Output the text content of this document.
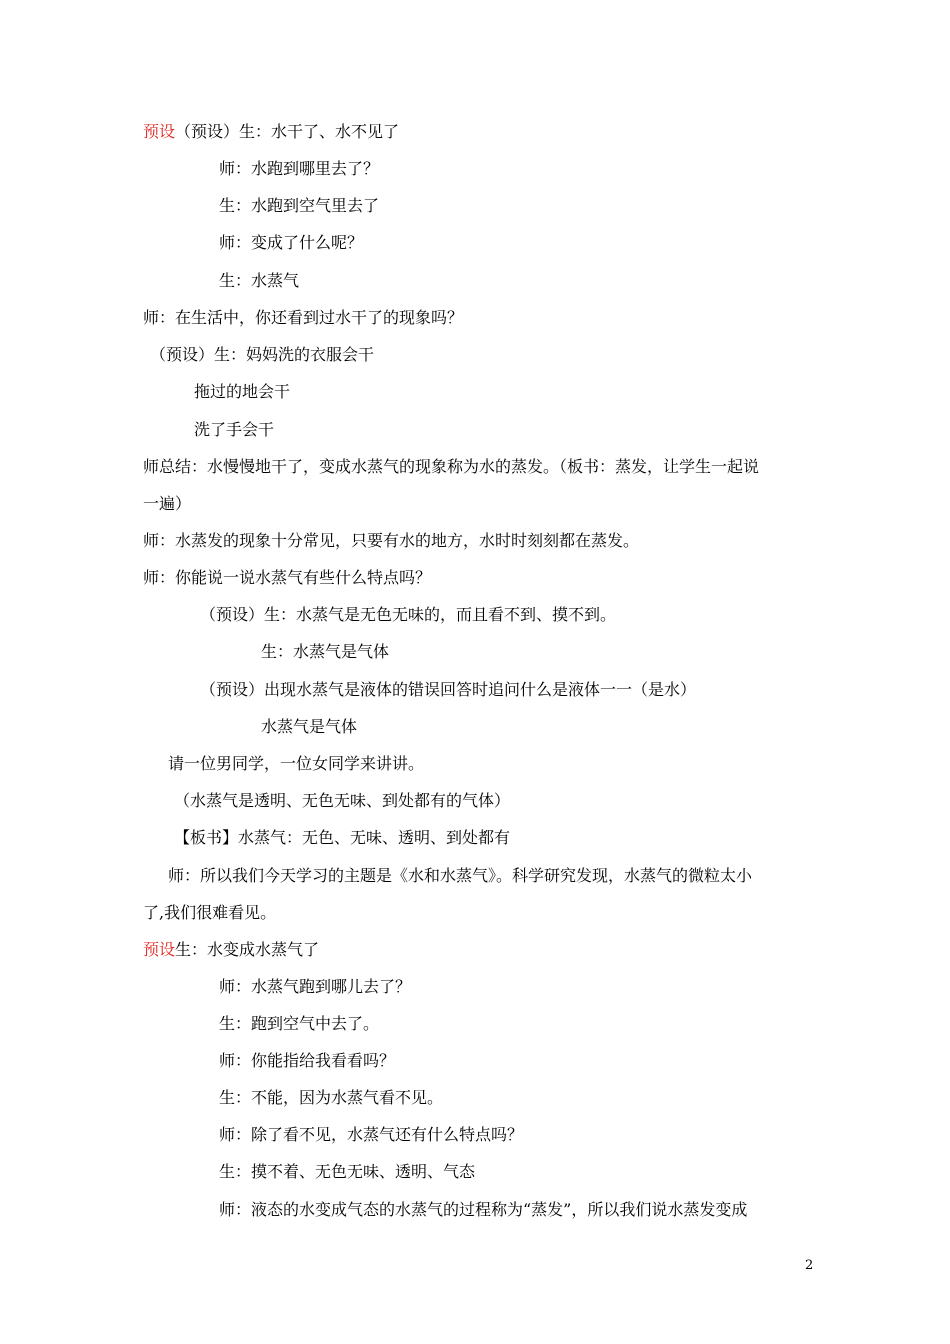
预设（预设）生：水干了、水不见了
师：水跑到哪里去了？
生：水跑到空气里去了
师：变成了什么呢？
生：水蒸气
师：在生活中，你还看到过水干了的现象吗？
（预设）生：妈妈洗的衣服会干
拖过的地会干
洗了手会干
师总结：水慢慢地干了，变成水蒸气的现象称为水的蒸发。（板书：蒸发，让学生一起说
一遍）
师：水蒸发的现象十分常见，只要有水的地方，水时时刻刻都在蒸发。
师：你能说一说水蒸气有些什么特点吗？
（预设）生：水蒸气是无色无味的，而且看不到、摸不到。
生：水蒸气是气体
（预设）出现水蒸气是液体的错误回答时追问什么是液体一一（是水）
水蒸气是气体
请一位男同学，一位女同学来讲讲。
（水蒸气是透明、无色无味、到处都有的气体）
【板书】水蒸气：无色、无味、透明、到处都有
师：所以我们今天学习的主题是《水和水蒸气》。科学研究发现，水蒸气的微粒太小
了,我们很难看见。
预设生：水变成水蒸气了
师：水蒸气跑到哪儿去了？
生：跑到空气中去了。
师：你能指给我看看吗？
生：不能，因为水蒸气看不见。
师：除了看不见，水蒸气还有什么特点吗？
生：摸不着、无色无味、透明、气态
师：液态的水变成气态的水蒸气的过程称为“蒸发”，所以我们说水蒸发变成
2
